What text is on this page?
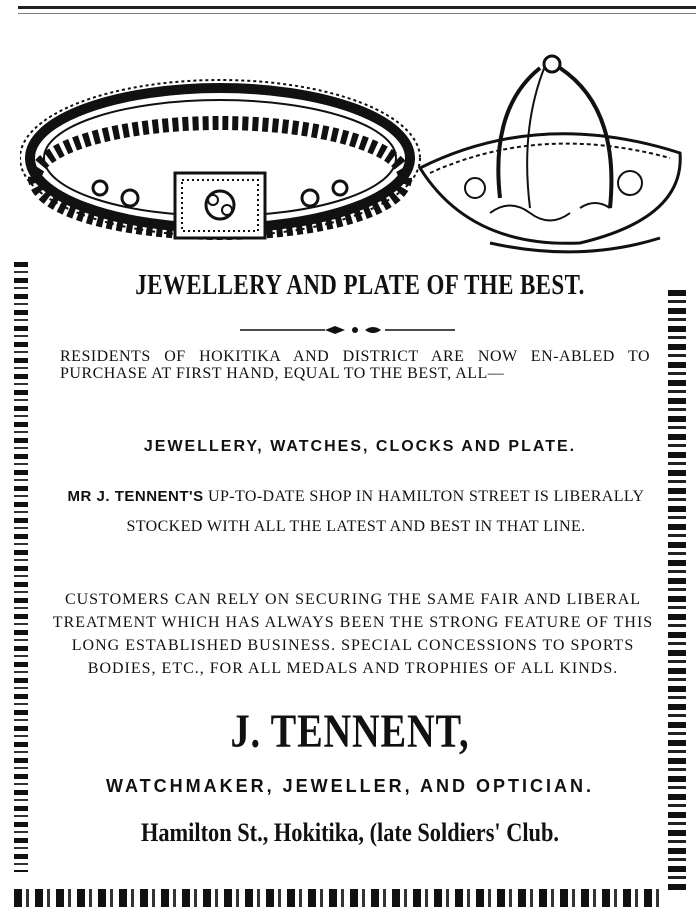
JEWELLERY AND PLATE OF THE BEST.
RESIDENTS OF HOKITIKA AND DISTRICT ARE NOW EN-ABLED TO PURCHASE AT FIRST HAND, EQUAL TO THE BEST, ALL—
JEWELLERY, WATCHES, CLOCKS AND PLATE.
MR J. TENNENT'S UP-TO-DATE SHOP IN HAMILTON STREET IS LIBERALLY STOCKED WITH ALL THE LATEST AND BEST IN THAT LINE.
CUSTOMERS CAN RELY ON SECURING THE SAME FAIR AND LIBERAL TREATMENT WHICH HAS ALWAYS BEEN THE STRONG FEATURE OF THIS LONG ESTABLISHED BUSINESS. SPECIAL CONCESSIONS TO SPORTS BODIES, ETC., FOR ALL MEDALS AND TROPHIES OF ALL KINDS.
J. TENNENT,
WATCHMAKER, JEWELLER, AND OPTICIAN.
Hamilton St., Hokitika, (late Soldiers' Club.
